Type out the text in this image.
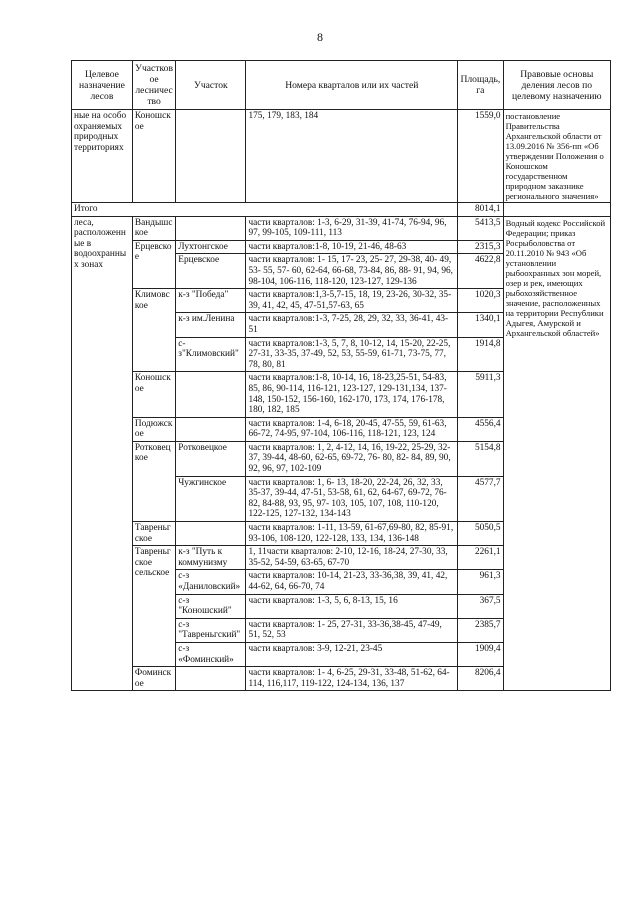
8
Целевое назначение лесов	Участковое лесничество	Участок	Номера кварталов или их частей	Площадь, га	Правовые основы деления лесов по целевому назначению
ные на особо охраняемых природных территориях	Коношское		175, 179, 183, 184	1559,0	постановление Правительства Архангельской области от 13.09.2016 № 356-пп «Об утверждении Положения о Коношском государственном природном заказнике регионального значения»
Итого				8014,1	
леса, расположенные в водоохранных зонах	Вандышское		части кварталов: 1-3, 6-29, 31-39, 41-74, 76-94, 96, 97, 99-105, 109-111, 113	5413,5	Водный кодекс Российской Федерации; приказ Росрыболовства от 20.11.2010 № 943 «Об установлении рыбоохранных зон морей, озер и рек, имеющих рыбохозяйственное значение, расположенных на территории Республики Адыгея, Амурской и Архангельской областей»
	Ерцевское	Лухтонгское	части кварталов:1-8, 10-19, 21-46, 48-63	2315,3	
		Ерцевское	части кварталов: 1- 15, 17- 23, 25- 27, 29-38, 40- 49, 53- 55, 57- 60, 62-64, 66-68, 73-84, 86, 88- 91, 94, 96, 98-104, 106-116, 118-120, 123-127, 129-136	4622,8	
	Климовское	к-з "Победа"	части кварталов:1,3-5,7-15, 18, 19, 23-26, 30-32, 35-39, 41, 42, 45, 47-51,57-63, 65	1020,3	
		к-з им.Ленина	части кварталов:1-3, 7-25, 28, 29, 32, 33, 36-41, 43-51	1340,1	
		с-з"Климовский"	части кварталов:1-3, 5, 7, 8, 10-12, 14, 15-20, 22-25, 27-31, 33-35, 37-49, 52, 53, 55-59, 61-71, 73-75, 77, 78, 80, 81	1914,8	
	Коношское		части кварталов:1-8, 10-14, 16, 18-23,25-51, 54-83, 85, 86, 90-114, 116-121, 123-127, 129-131,134, 137-148, 150-152, 156-160, 162-170, 173, 174, 176-178, 180, 182, 185	5911,3	
	Подюжское		части кварталов: 1-4, 6-18, 20-45, 47-55, 59, 61-63, 66-72, 74-95, 97-104, 106-116, 118-121, 123, 124	4556,4	
	Ротковецкое	Ротковецкое	части кварталов: 1, 2, 4-12, 14, 16, 19-22, 25-29, 32-37, 39-44, 48-60, 62-65, 69-72, 76- 80, 82- 84, 89, 90, 92, 96, 97, 102-109	5154,8	
		Чужгинское	части кварталов: 1, 6- 13, 18-20, 22-24, 26, 32, 33, 35-37, 39-44, 47-51, 53-58, 61, 62, 64-67, 69-72, 76-82, 84-88, 93, 95, 97- 103, 105, 107, 108, 110-120, 122-125, 127-132, 134-143	4577,7	
	Тавреньгское		части кварталов: 1-11, 13-59, 61-67,69-80, 82, 85-91, 93-106, 108-120, 122-128, 133, 134, 136-148	5050,5	
	Тавреньгское сельское	к-з "Путь к коммунизму	1, 11части кварталов: 2-10, 12-16, 18-24, 27-30, 33, 35-52, 54-59, 63-65, 67-70	2261,1	
		с-з «Даниловский»	части кварталов: 10-14, 21-23, 33-36,38, 39, 41, 42, 44-62, 64, 66-70, 74	961,3	
		с-з "Коношский"	части кварталов: 1-3, 5, 6, 8-13, 15, 16	367,5	
		с-з "Тавреньгский"	части кварталов: 1- 25, 27-31, 33-36,38-45, 47-49, 51, 52, 53	2385,7	
		с-з «Фоминский»	части кварталов: 3-9, 12-21, 23-45	1909,4	
	Фоминское		части кварталов: 1- 4, 6-25, 29-31, 33-48, 51-62, 64-114, 116,117, 119-122, 124-134, 136, 137	8206,4	
